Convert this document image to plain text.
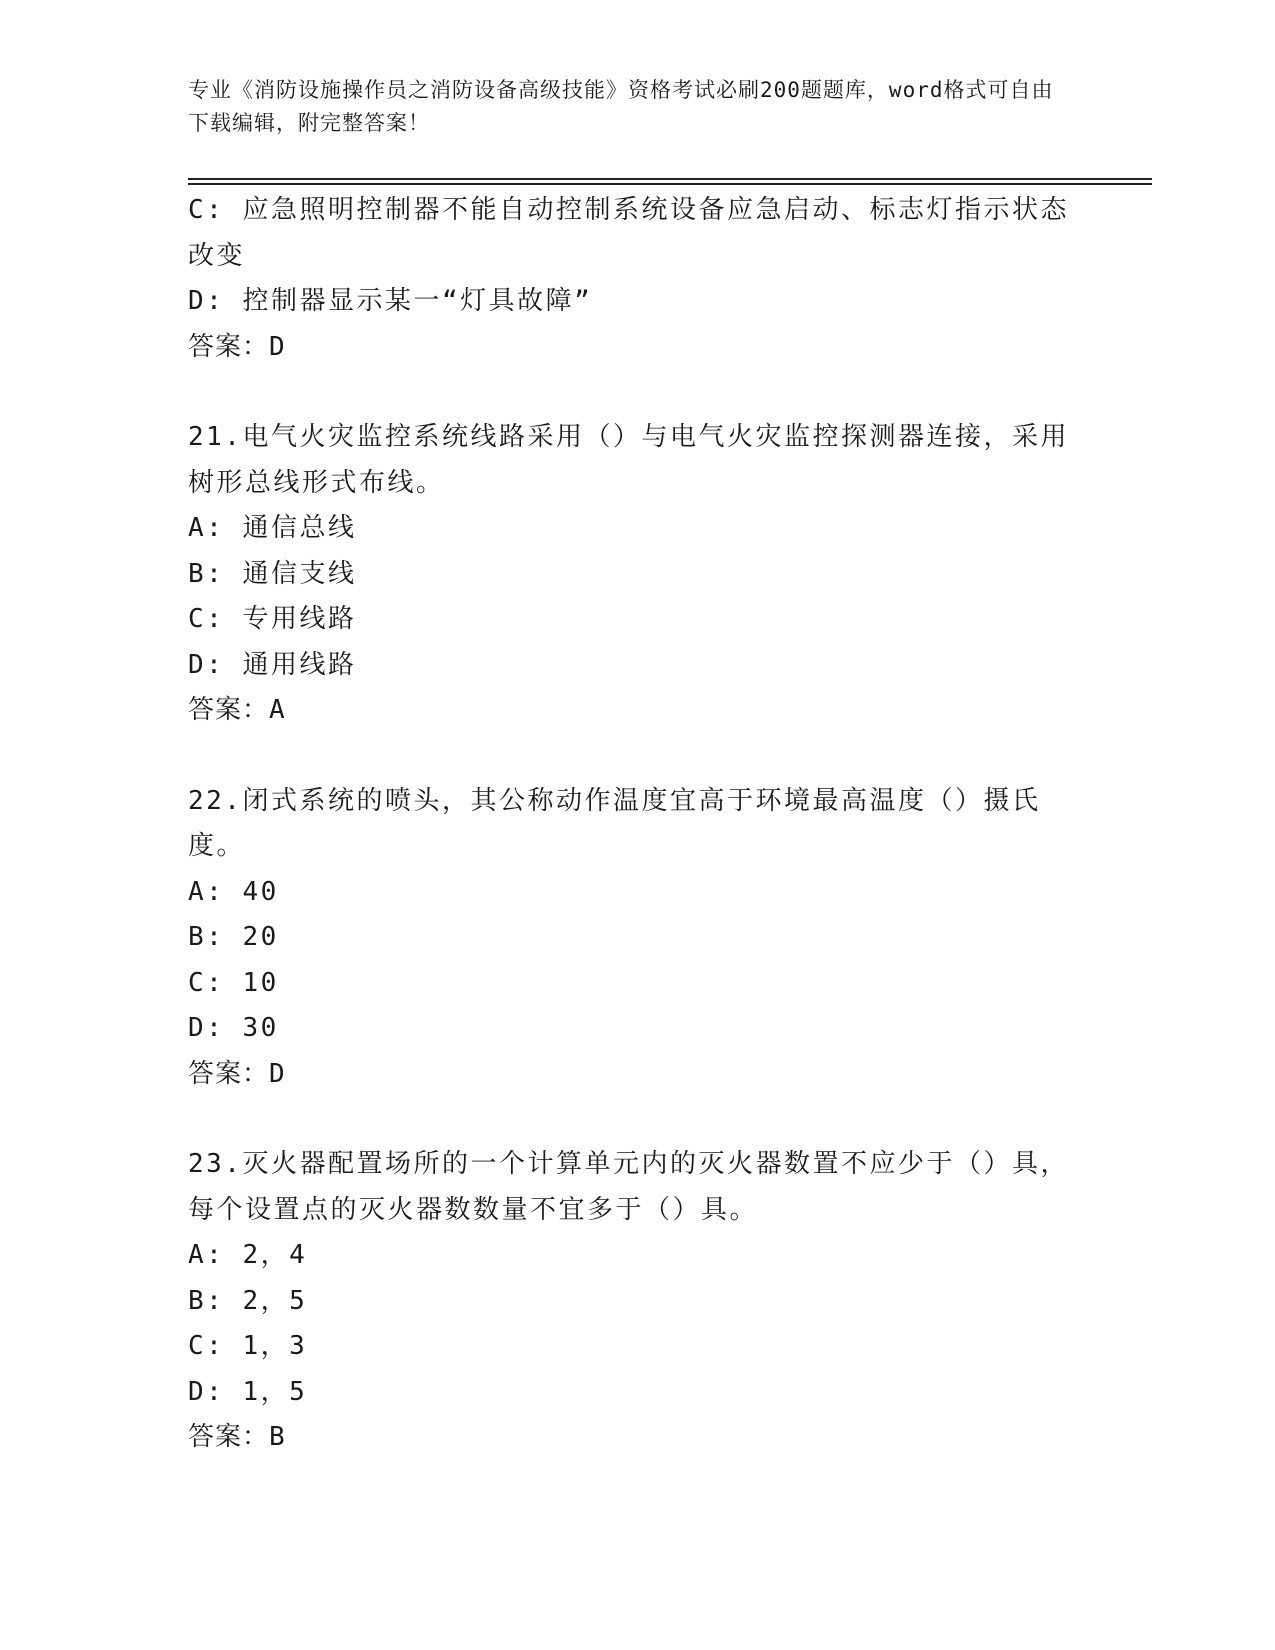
专业《消防设施操作员之消防设备高级技能》资格考试必刷200题题库，word格式可自由下载编辑，附完整答案！
C: 应急照明控制器不能自动控制系统设备应急启动、标志灯指示状态改变
D: 控制器显示某一“灯具故障”
答案：D
21.电气火灾监控系统线路采用（）与电气火灾监控探测器连接，采用树形总线形式布线。
A: 通信总线
B: 通信支线
C: 专用线路
D: 通用线路
答案：A
22.闭式系统的喷头，其公称动作温度宜高于环境最高温度（）摄氏度。
A: 40
B: 20
C: 10
D: 30
答案：D
23.灭火器配置场所的一个计算单元内的灭火器数置不应少于（）具，每个设置点的灭火器数数量不宜多于（）具。
A: 2，4
B: 2，5
C: 1，3
D: 1，5
答案：B
